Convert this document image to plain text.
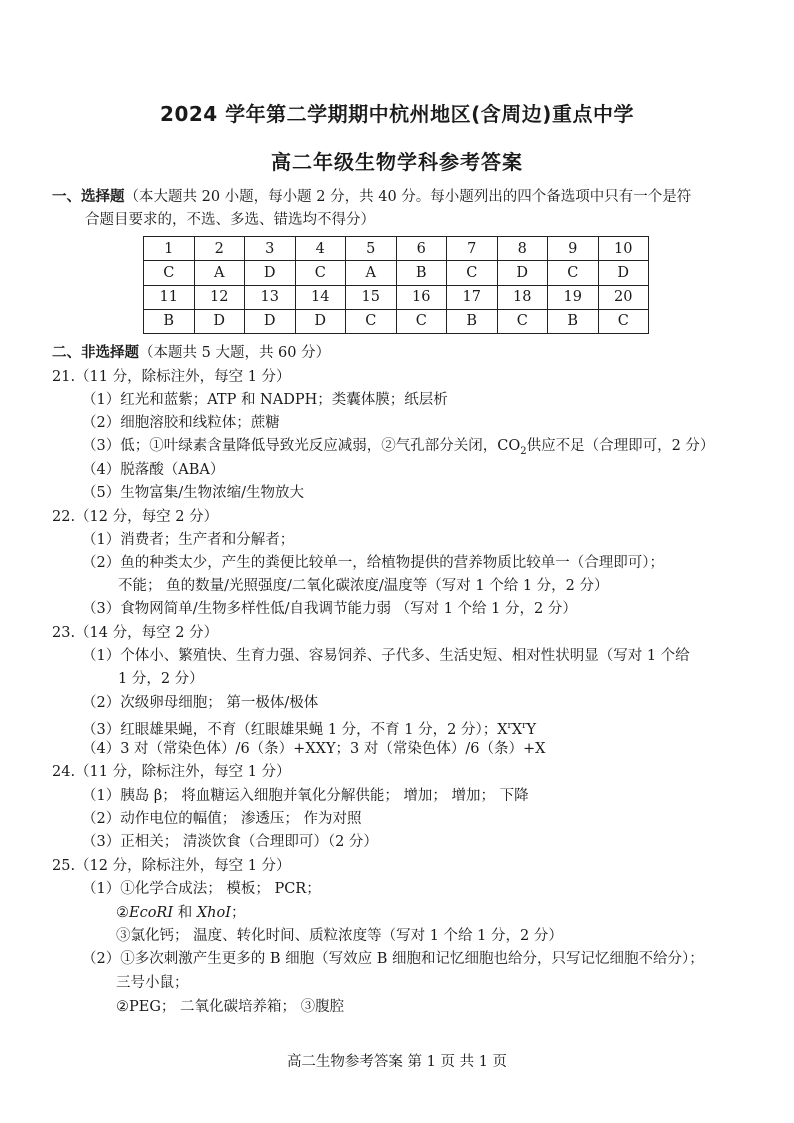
2024 学年第二学期期中杭州地区(含周边)重点中学
高二年级生物学科参考答案
一、选择题（本大题共 20 小题，每小题 2 分，共 40 分。每小题列出的四个备选项中只有一个是符
合题目要求的，不选、多选、错选均不得分）
1	2	3	4	5	6	7	8	9	10
C	A	D	C	A	B	C	D	C	D
11	12	13	14	15	16	17	18	19	20
B	D	D	D	C	C	B	C	B	C
二、非选择题（本题共 5 大题，共 60 分）
21.（11 分，除标注外，每空 1 分）
（1）红光和蓝紫；ATP 和 NADPH；类囊体膜；纸层析
（2）细胞溶胶和线粒体；蔗糖
（3）低；①叶绿素含量降低导致光反应减弱，②气孔部分关闭，$CO_2$供应不足（合理即可，2 分）
（4）脱落酸（ABA）
（5）生物富集/生物浓缩/生物放大
22.（12 分，每空 2 分）
（1）消费者；生产者和分解者；
（2）鱼的种类太少，产生的粪便比较单一，给植物提供的营养物质比较单一（合理即可）；
不能； 鱼的数量/光照强度/二氧化碳浓度/温度等（写对 1 个给 1 分，2 分）
（3）食物网简单/生物多样性低/自我调节能力弱 （写对 1 个给 1 分，2 分）
23.（14 分，每空 2 分）
（1）个体小、繁殖快、生育力强、容易饲养、子代多、生活史短、相对性状明显（写对 1 个给
1 分，2 分）
（2）次级卵母细胞； 第一极体/极体
（3）红眼雄果蝇，不育（红眼雄果蝇 1 分，不育 1 分，2 分）；$X^rX^rY$
（4）3 对（常染色体）/6（条）+XXY；3 对（常染色体）/6（条）+X
24.（11 分，除标注外，每空 1 分）
（1）胰岛 β； 将血糖运入细胞并氧化分解供能； 增加； 增加； 下降
（2）动作电位的幅值； 渗透压； 作为对照
（3）正相关； 清淡饮食（合理即可）（2 分）
25.（12 分，除标注外，每空 1 分）
（1）①化学合成法； 模板； PCR；
②EcoRI 和 XhoI；
③氯化钙； 温度、转化时间、质粒浓度等（写对 1 个给 1 分，2 分）
（2）①多次刺激产生更多的 B 细胞（写效应 B 细胞和记忆细胞也给分，只写记忆细胞不给分）；
三号小鼠；
②PEG； 二氧化碳培养箱； ③腹腔
高二生物参考答案 第 1 页 共 1 页
